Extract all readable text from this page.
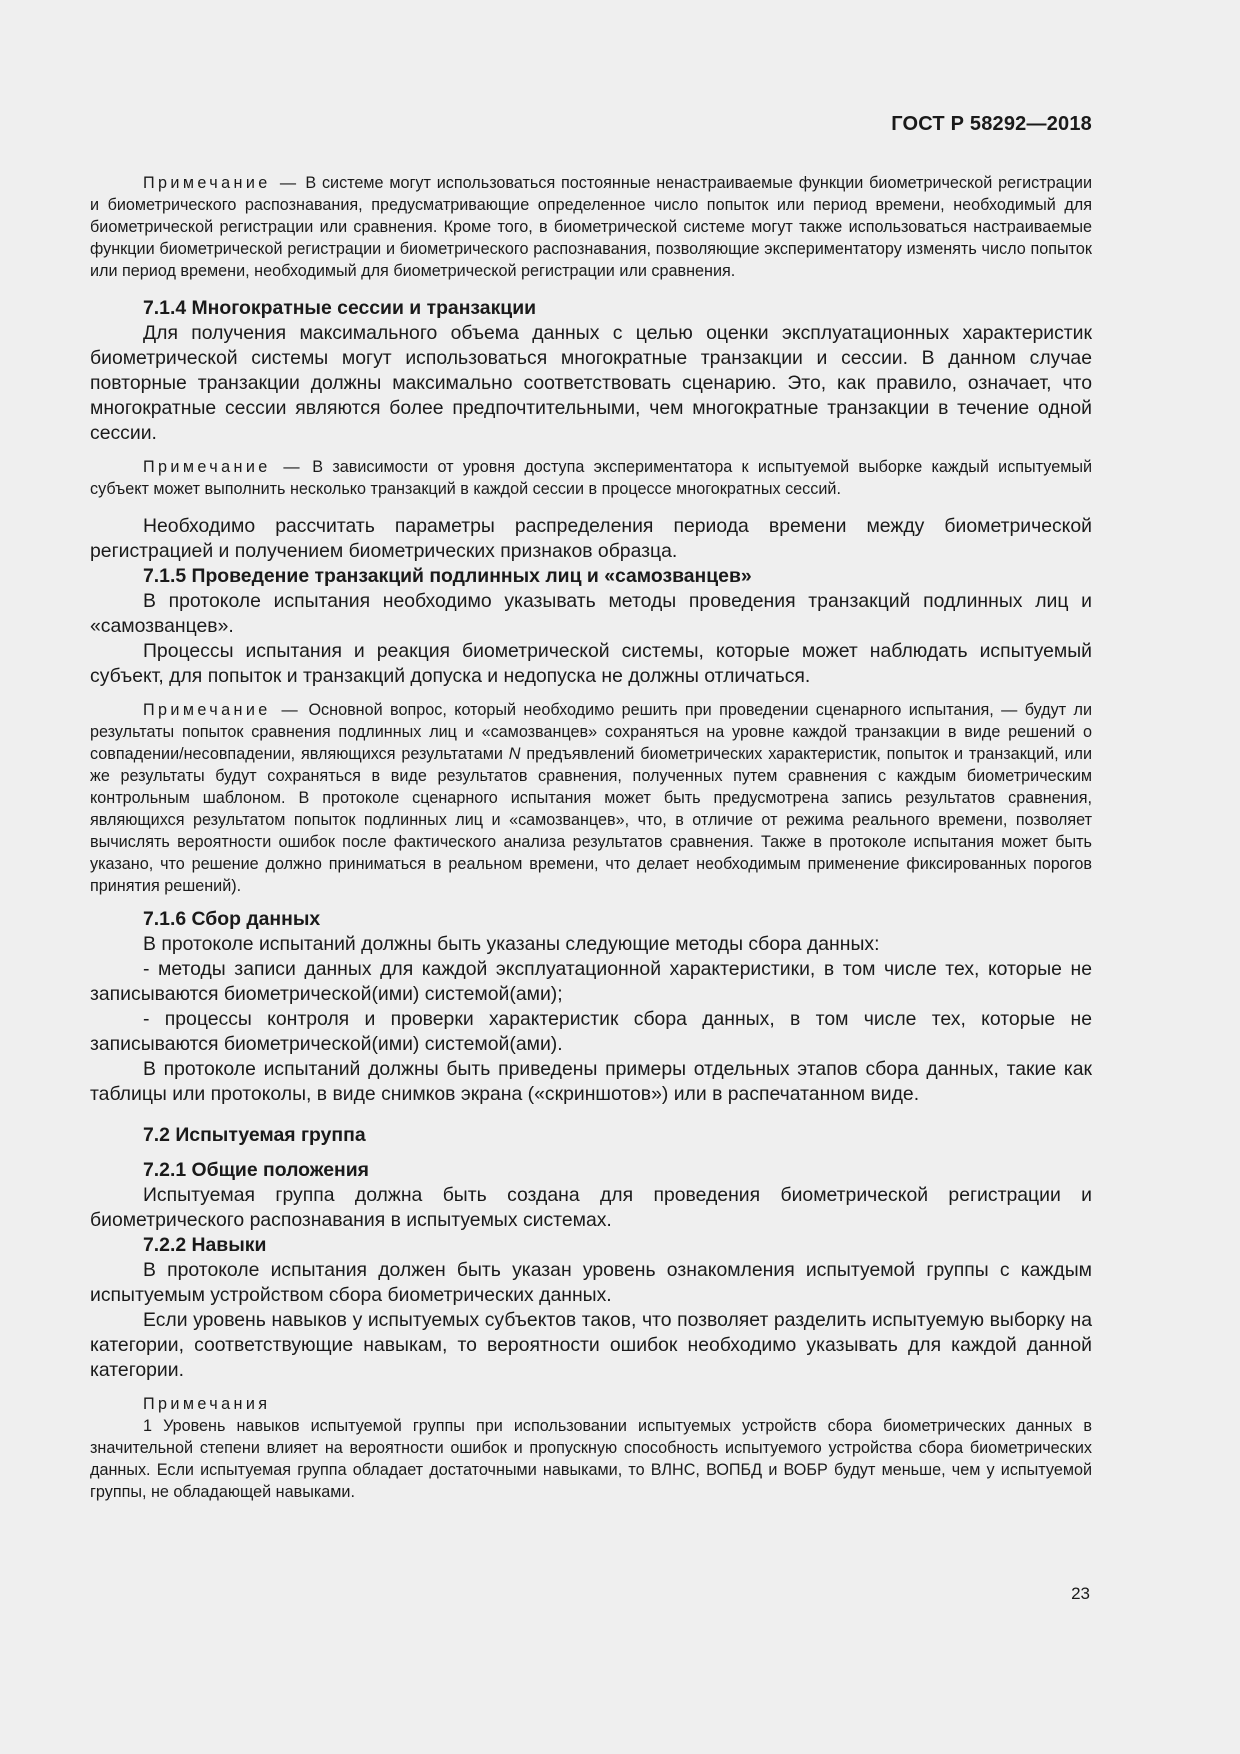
ГОСТ Р 58292—2018

Примечание — В системе могут использоваться постоянные ненастраиваемые функции биометрической регистрации и биометрического распознавания, предусматривающие определенное число попыток или период времени, необходимый для биометрической регистрации или сравнения. Кроме того, в биометрической системе могут также использоваться настраиваемые функции биометрической регистрации и биометрического распознавания, позволяющие экспериментатору изменять число попыток или период времени, необходимый для биометрической регистрации или сравнения.

7.1.4 Многократные сессии и транзакции

Для получения максимального объема данных с целью оценки эксплуатационных характеристик биометрической системы могут использоваться многократные транзакции и сессии. В данном случае повторные транзакции должны максимально соответствовать сценарию. Это, как правило, означает, что многократные сессии являются более предпочтительными, чем многократные транзакции в течение одной сессии.

Примечание — В зависимости от уровня доступа экспериментатора к испытуемой выборке каждый испытуемый субъект может выполнить несколько транзакций в каждой сессии в процессе многократных сессий.

Необходимо рассчитать параметры распределения периода времени между биометрической регистрацией и получением биометрических признаков образца.

7.1.5 Проведение транзакций подлинных лиц и «самозванцев»

В протоколе испытания необходимо указывать методы проведения транзакций подлинных лиц и «самозванцев».

Процессы испытания и реакция биометрической системы, которые может наблюдать испытуемый субъект, для попыток и транзакций допуска и недопуска не должны отличаться.

Примечание — Основной вопрос, который необходимо решить при проведении сценарного испытания, — будут ли результаты попыток сравнения подлинных лиц и «самозванцев» сохраняться на уровне каждой транзакции в виде решений о совпадении/несовпадении, являющихся результатами N предъявлений биометрических характеристик, попыток и транзакций, или же результаты будут сохраняться в виде результатов сравнения, полученных путем сравнения с каждым биометрическим контрольным шаблоном. В протоколе сценарного испытания может быть предусмотрена запись результатов сравнения, являющихся результатом попыток подлинных лиц и «самозванцев», что, в отличие от режима реального времени, позволяет вычислять вероятности ошибок после фактического анализа результатов сравнения. Также в протоколе испытания может быть указано, что решение должно приниматься в реальном времени, что делает необходимым применение фиксированных порогов принятия решений).

7.1.6 Сбор данных

В протоколе испытаний должны быть указаны следующие методы сбора данных:

- методы записи данных для каждой эксплуатационной характеристики, в том числе тех, которые не записываются биометрической(ими) системой(ами);

- процессы контроля и проверки характеристик сбора данных, в том числе тех, которые не записываются биометрической(ими) системой(ами).

В протоколе испытаний должны быть приведены примеры отдельных этапов сбора данных, такие как таблицы или протоколы, в виде снимков экрана («скриншотов») или в распечатанном виде.

7.2 Испытуемая группа

7.2.1 Общие положения

Испытуемая группа должна быть создана для проведения биометрической регистрации и биометрического распознавания в испытуемых системах.

7.2.2 Навыки

В протоколе испытания должен быть указан уровень ознакомления испытуемой группы с каждым испытуемым устройством сбора биометрических данных.

Если уровень навыков у испытуемых субъектов таков, что позволяет разделить испытуемую выборку на категории, соответствующие навыкам, то вероятности ошибок необходимо указывать для каждой данной категории.

Примечания

1 Уровень навыков испытуемой группы при использовании испытуемых устройств сбора биометрических данных в значительной степени влияет на вероятности ошибок и пропускную способность испытуемого устройства сбора биометрических данных. Если испытуемая группа обладает достаточными навыками, то ВЛНС, ВОПБД и ВОБР будут меньше, чем у испытуемой группы, не обладающей навыками.

23
